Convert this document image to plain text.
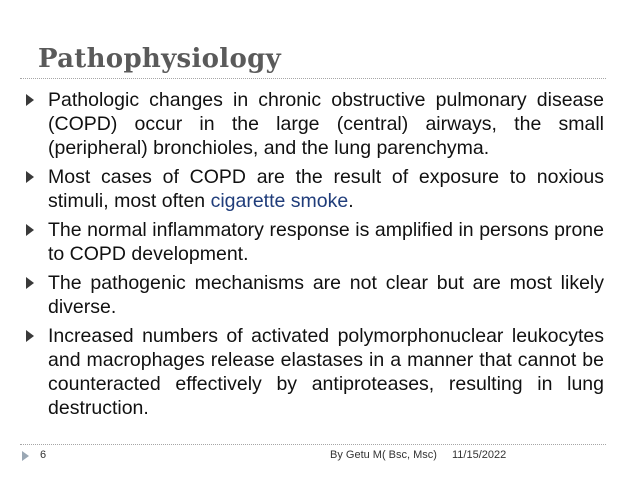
Pathophysiology
Pathologic changes in chronic obstructive pulmonary disease (COPD) occur in the large (central) airways, the small (peripheral) bronchioles, and the lung parenchyma.
Most cases of COPD are the result of exposure to noxious stimuli, most often cigarette smoke.
The normal inflammatory response is amplified in persons prone to COPD development.
The pathogenic mechanisms are not clear but are most likely diverse.
Increased numbers of activated polymorphonuclear leukocytes and macrophages release elastases in a manner that cannot be counteracted effectively by antiproteases, resulting in lung destruction.
6	By Getu M( Bsc, Msc) 11/15/2022
